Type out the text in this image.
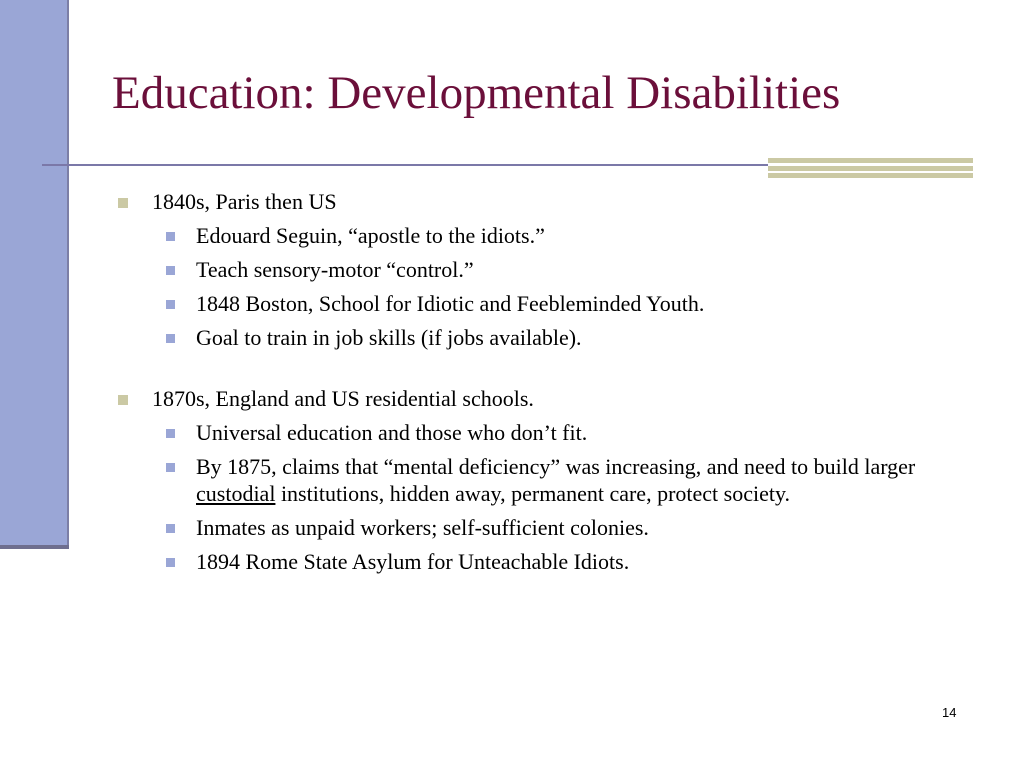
Education: Developmental Disabilities
1840s, Paris then US
Edouard Seguin, “apostle to the idiots.”
Teach sensory-motor “control.”
1848 Boston, School for Idiotic and Feebleminded Youth.
Goal to train in job skills (if jobs available).
1870s, England and US residential schools.
Universal education and those who don’t fit.
By 1875, claims that “mental deficiency” was increasing, and need to build larger custodial institutions, hidden away, permanent care, protect society.
Inmates as unpaid workers; self-sufficient colonies.
1894 Rome State Asylum for Unteachable Idiots.
14
